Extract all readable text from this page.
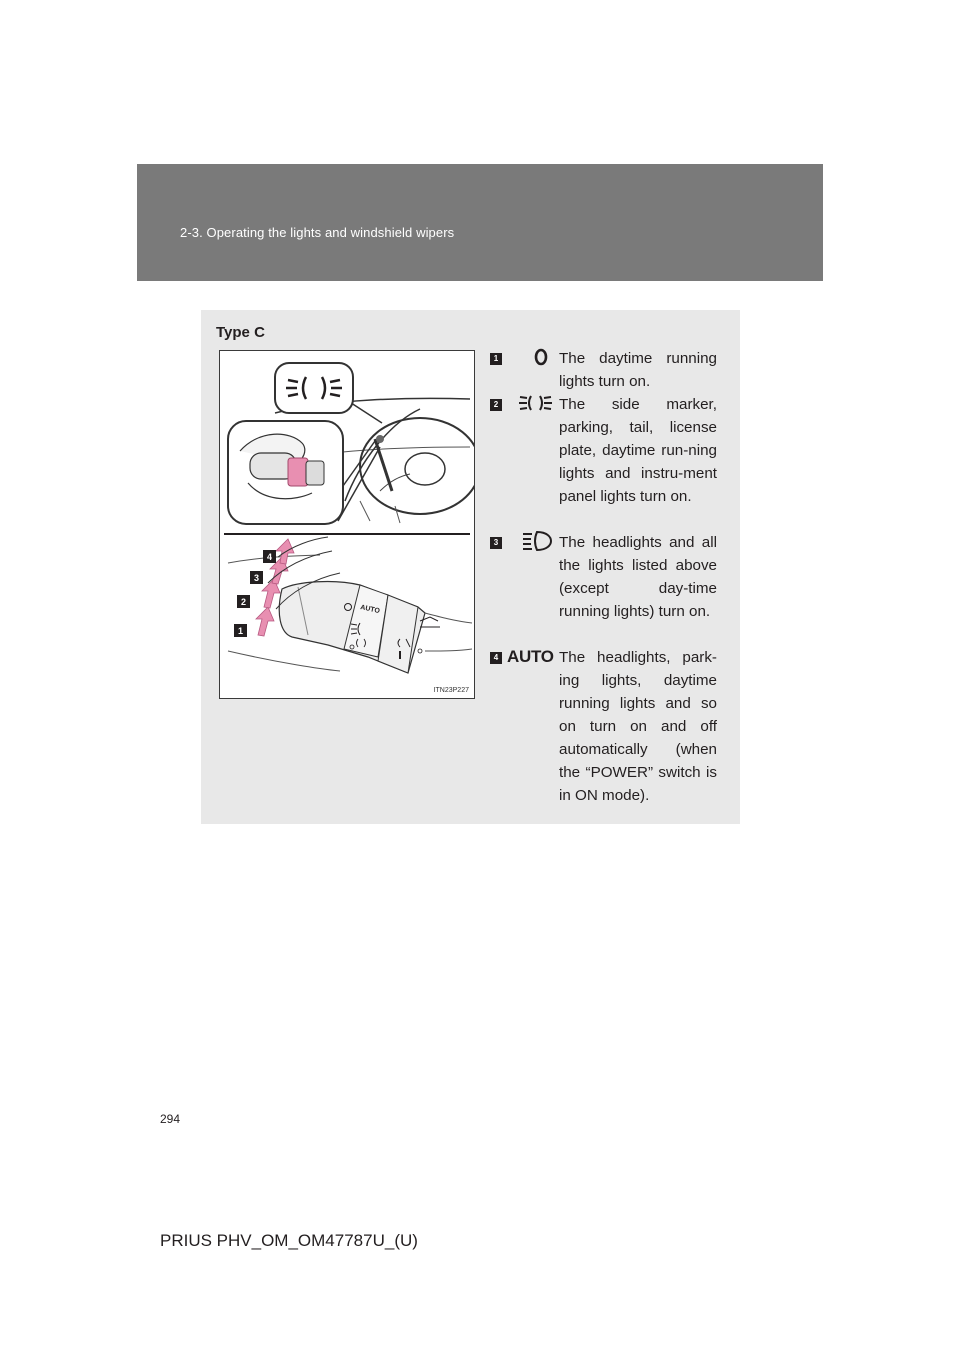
2-3. Operating the lights and windshield wipers
Type C
AUTO
1
2
3
4
ITN23P227
1	The daytime running lights turn on.
2	The side marker, parking, tail, license plate, daytime run-ning lights and instru-ment panel lights turn on.
3	The headlights and all the lights listed above (except day-time running lights) turn on.
4 AUTO The headlights, park-ing lights, daytime running lights and so on turn on and off automatically (when the “POWER” switch is in ON mode).
294
PRIUS PHV_OM_OM47787U_(U)
